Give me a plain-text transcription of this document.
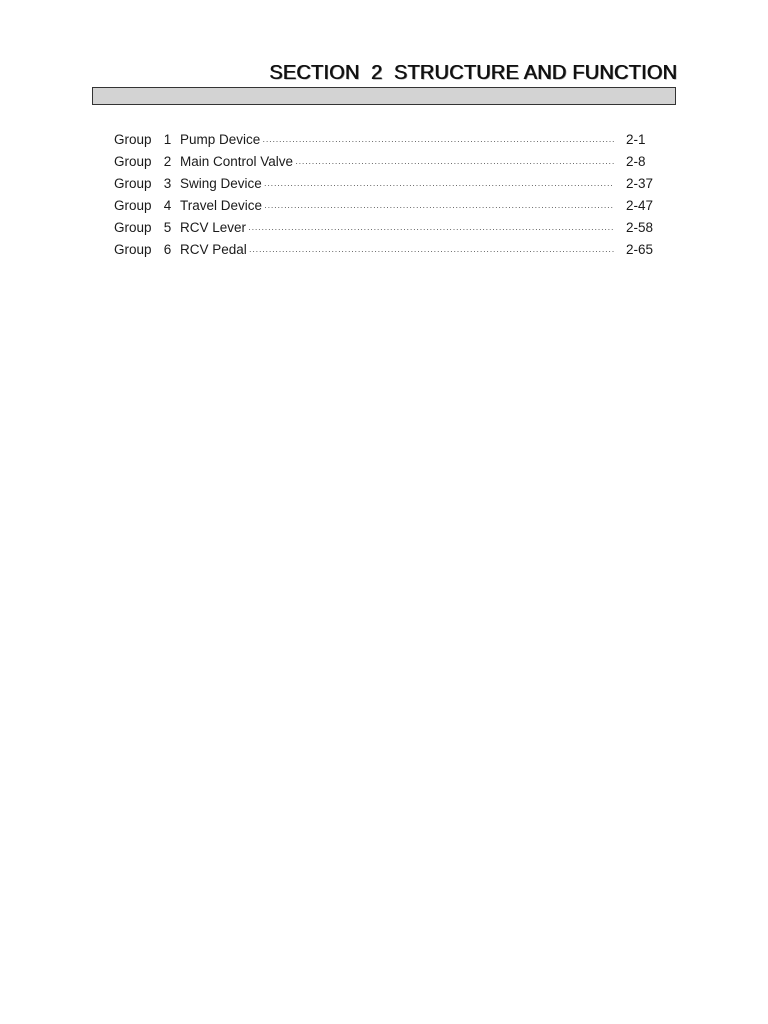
SECTION  2  STRUCTURE AND FUNCTION
Group 1 Pump Device ·····	2-1
Group 2 Main Control Valve ·····	2-8
Group 3 Swing Device ·····	2-37
Group 4 Travel Device ·····	2-47
Group 5 RCV Lever ·····	2-58
Group 6 RCV Pedal ·····	2-65
